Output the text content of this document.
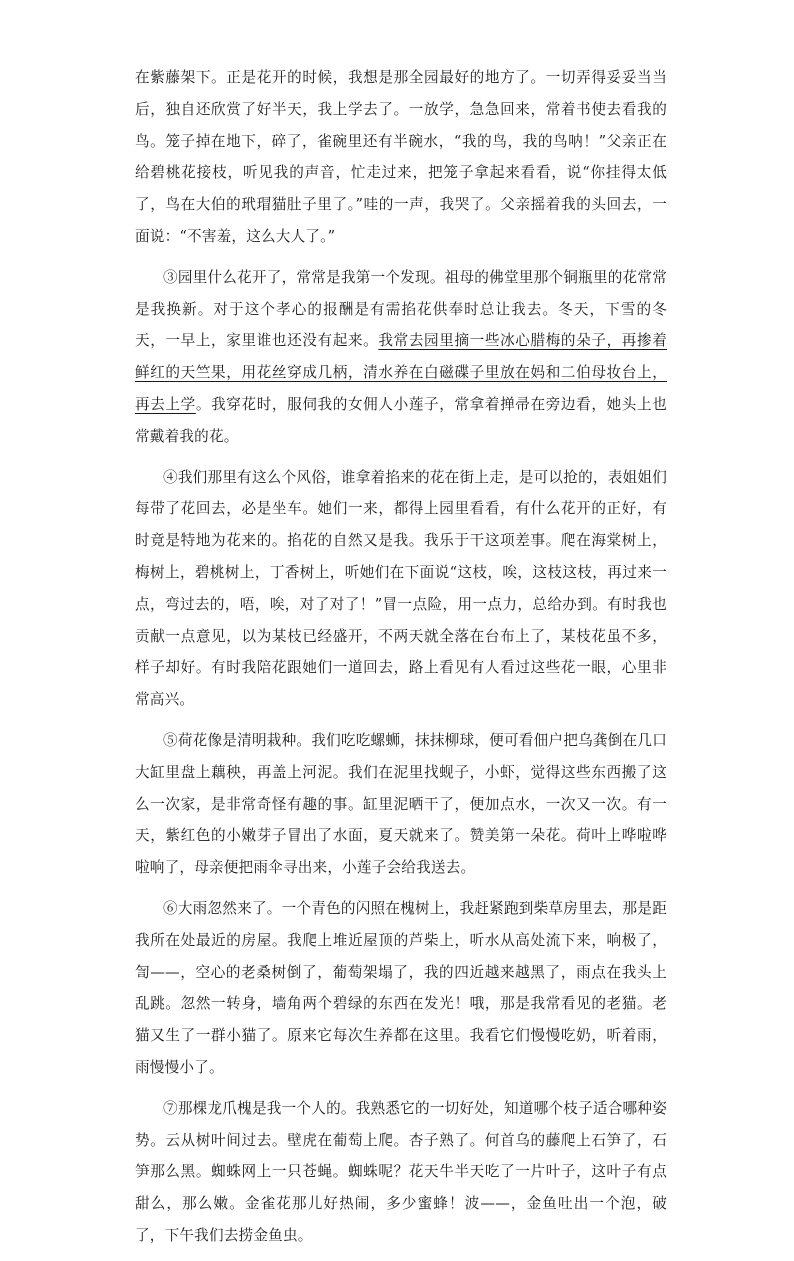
在紫藤架下。正是花开的时候，我想是那全园最好的地方了。一切弄得妥妥当当后，独自还欣赏了好半天，我上学去了。一放学，急急回来，常着书使去看我的鸟。笼子掉在地下，碎了，雀碗里还有半碗水，“我的鸟，我的鸟呐！”父亲正在给碧桃花接枝，听见我的声音，忙走过来，把笼子拿起来看看，说“你挂得太低了，鸟在大伯的玳瑁猫肚子里了。”哇的一声，我哭了。父亲摇着我的头回去，一面说：“不害羞，这么大人了。”

③园里什么花开了，常常是我第一个发现。祖母的佛堂里那个铜瓶里的花常常是我换新。对于这个孝心的报酬是有需掐花供奉时总让我去。冬天，下雪的冬天，一早上，家里谁也还没有起来。我常去园里摘一些冰心腊梅的朵子，再掺着鲜红的天竺果，用花丝穿成几柄，清水养在白磁碟子里放在妈和二伯母妆台上，再去上学。我穿花时，服伺我的女佣人小莲子，常拿着掸帚在旁边看，她头上也常戴着我的花。

④我们那里有这么个风俗，谁拿着掐来的花在街上走，是可以抢的，表姐姐们每带了花回去，必是坐车。她们一来，都得上园里看看，有什么花开的正好，有时竟是特地为花来的。掐花的自然又是我。我乐于干这项差事。爬在海棠树上，梅树上，碧桃树上，丁香树上，听她们在下面说“这枝，唉，这枝这枝，再过来一点，弯过去的，唔，唉，对了对了！”冒一点险，用一点力，总给办到。有时我也贡献一点意见，以为某枝已经盛开，不两天就全落在台布上了，某枝花虽不多，样子却好。有时我陪花跟她们一道回去，路上看见有人看过这些花一眼，心里非常高兴。

⑤荷花像是清明栽种。我们吃吃螺蛳，抹抹柳球，便可看佃户把乌龚倒在几口大缸里盘上藕秧，再盖上河泥。我们在泥里找蚬子，小虾，觉得这些东西搬了这么一次家，是非常奇怪有趣的事。缸里泥晒干了，便加点水，一次又一次。有一天，紫红色的小嫩芽子冒出了水面，夏天就来了。赞美第一朵花。荷叶上哗啦哗啦响了，母亲便把雨伞寻出来，小莲子会给我送去。

⑥大雨忽然来了。一个青色的闪照在槐树上，我赶紧跑到柴草房里去，那是距我所在处最近的房屋。我爬上堆近屋顶的芦柴上，听水从高处流下来，响极了，訇——，空心的老桑树倒了，葡萄架塌了，我的四近越来越黑了，雨点在我头上乱跳。忽然一转身，墙角两个碧绿的东西在发光！哦，那是我常看见的老猫。老猫又生了一群小猫了。原来它每次生养都在这里。我看它们慢慢吃奶，听着雨，雨慢慢小了。

⑦那棵龙爪槐是我一个人的。我熟悉它的一切好处，知道哪个枝子适合哪种姿势。云从树叶间过去。壁虎在葡萄上爬。杏子熟了。何首乌的藤爬上石笋了，石笋那么黑。蜘蛛网上一只苍蝇。蜘蛛呢？花天牛半天吃了一片叶子，这叶子有点甜么，那么嫩。金雀花那儿好热闹，多少蜜蜂！波——，金鱼吐出一个泡，破了，下午我们去捞金鱼虫。
